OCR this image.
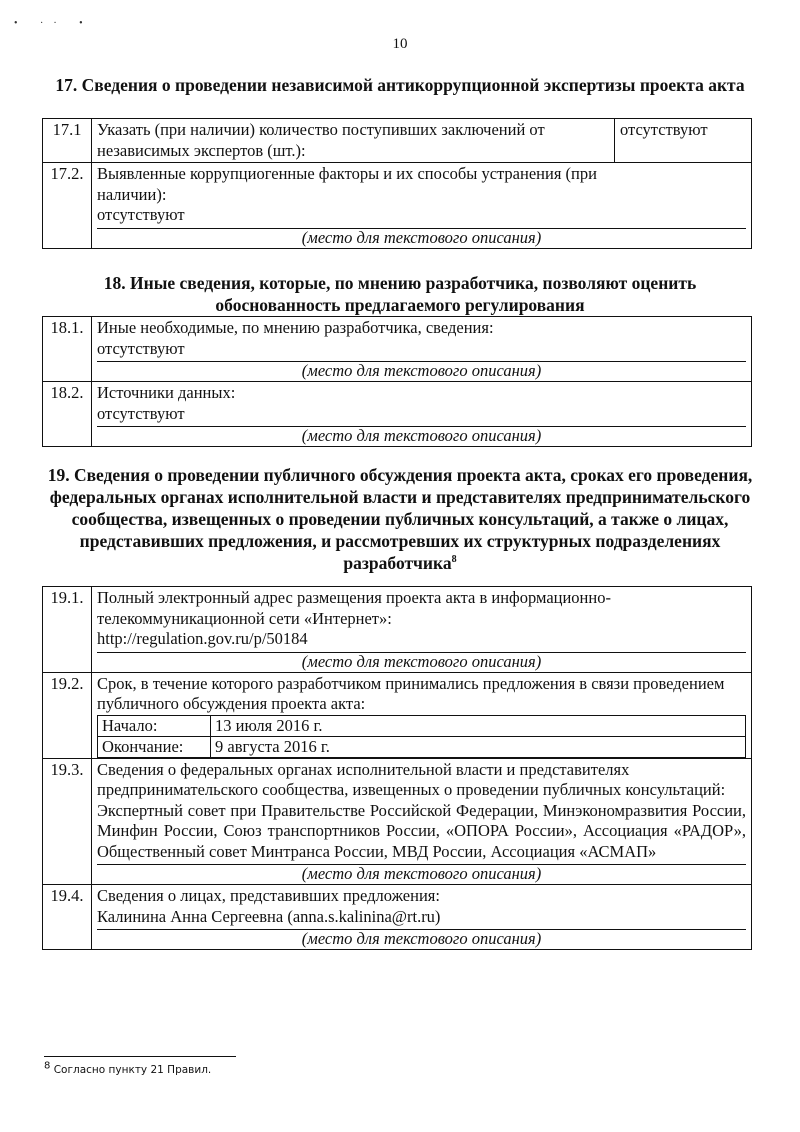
• ·· •
10
17. Сведения о проведении независимой антикоррупционной экспертизы проекта акта
17.1	Указать (при наличии) количество поступивших заключений от независимых экспертов (шт.):	отсутствуют
17.2.	Выявленные коррупциогенные факторы и их способы устранения (при наличии):
отсутствуют
(место для текстового описания)	
18. Иные сведения, которые, по мнению разработчика, позволяют оценить обоснованность предлагаемого регулирования
18.1.	Иные необходимые, по мнению разработчика, сведения:
отсутствуют
(место для текстового описания)

18.2.	Источники данных:
отсутствуют
(место для текстового описания)
19. Сведения о проведении публичного обсуждения проекта акта, сроках его проведения, федеральных органах исполнительной власти и представителях предпринимательского сообщества, извещенных о проведении публичных консультаций, а также о лицах, представивших предложения, и рассмотревших их структурных подразделениях разработчика$^8$
19.1.	Полный электронный адрес размещения проекта акта в информационно-телекоммуникационной сети «Интернет»:
http://regulation.gov.ru/p/50184
(место для текстового описания)

19.2.	Срок, в течение которого разработчиком принимались предложения в связи проведением публичного обсуждения проекта акта:
Начало:	13 июля 2016 г.
Окончание:	9 августа 2016 г.

19.3.	Сведения о федеральных органах исполнительной власти и представителях предпринимательского сообщества, извещенных о проведении публичных консультаций:
Экспертный совет при Правительстве Российской Федерации, Минэкономразвития России, Минфин России, Союз транспортников России, «ОПОРА России», Ассоциация «РАДОР», Общественный совет Минтранса России, МВД России, Ассоциация «АСМАП»
(место для текстового описания)

19.4.	Сведения о лицах, представивших предложения:
Калинина Анна Сергеевна (anna.s.kalinina@rt.ru)
(место для текстового описания)
$^8$ Согласно пункту 21 Правил.
